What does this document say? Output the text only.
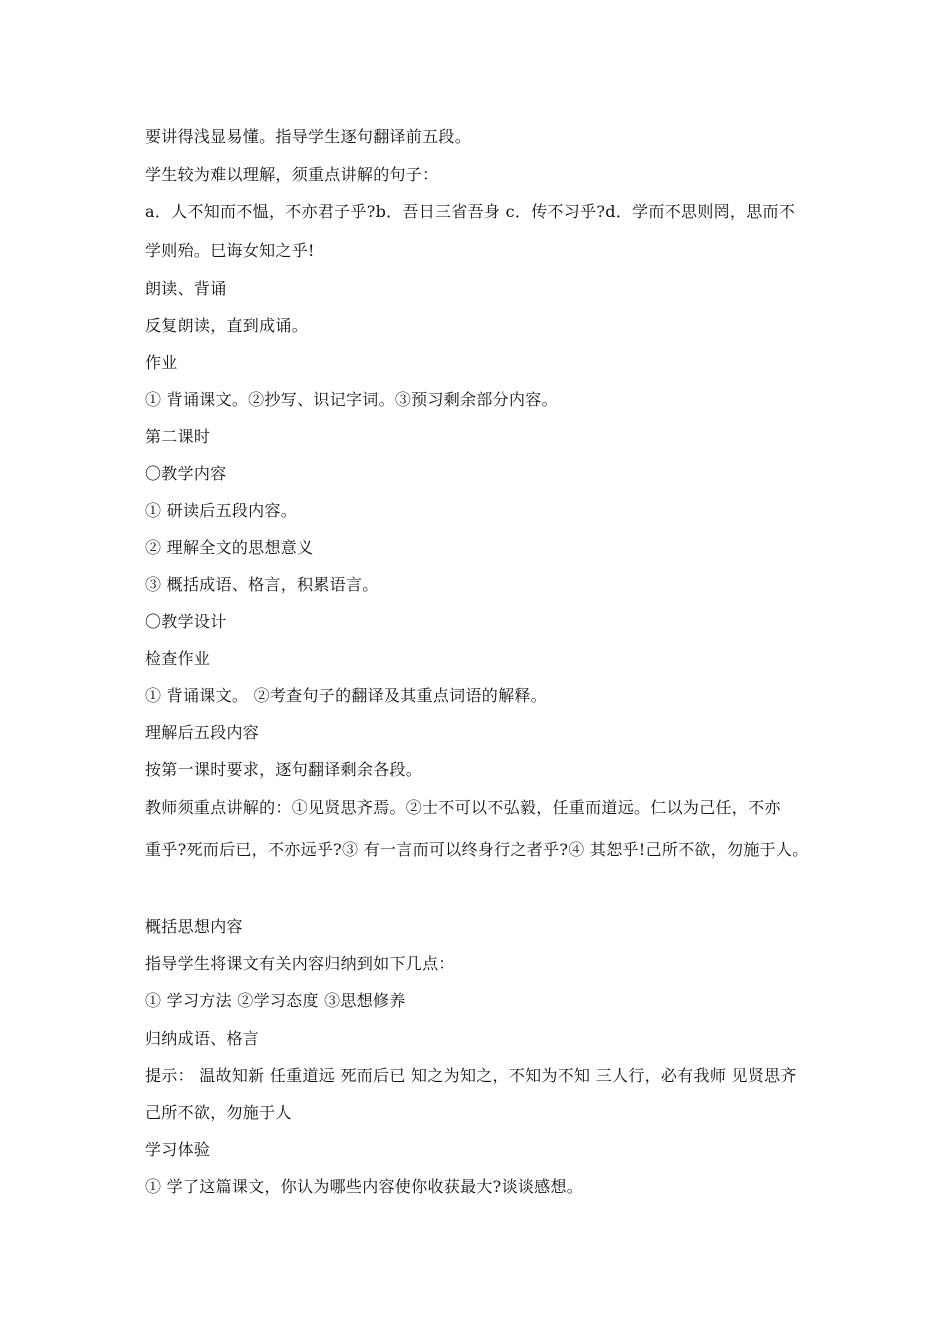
要讲得浅显易懂。指导学生逐句翻译前五段。
学生较为难以理解，须重点讲解的句子：
a．人不知而不愠，不亦君子乎?b．吾日三省吾身 c．传不习乎?d．学而不思则罔，思而不
学则殆。巳诲女知之乎!
朗读、背诵
反复朗读，直到成诵。
作业
① 背诵课文。②抄写、识记字词。③预习剩余部分内容。
第二课时
〇教学内容
① 研读后五段内容。
② 理解全文的思想意义
③ 概括成语、格言，积累语言。
〇教学设计
检查作业
① 背诵课文。 ②考查句子的翻译及其重点词语的解释。
理解后五段内容
按第一课时要求，逐句翻译剩余各段。
教师须重点讲解的：①见贤思齐焉。②士不可以不弘毅，任重而道远。仁以为己任，不亦
重乎?死而后已，不亦远乎?③ 有一言而可以终身行之者乎?④ 其恕乎!己所不欲，勿施于人。
概括思想内容
指导学生将课文有关内容归纳到如下几点：
① 学习方法 ②学习态度 ③思想修养
归纳成语、格言
提示： 温故知新 任重道远 死而后已 知之为知之，不知为不知 三人行，必有我师 见贤思齐
己所不欲，勿施于人
学习体验
① 学了这篇课文，你认为哪些内容使你收获最大?谈谈感想。
